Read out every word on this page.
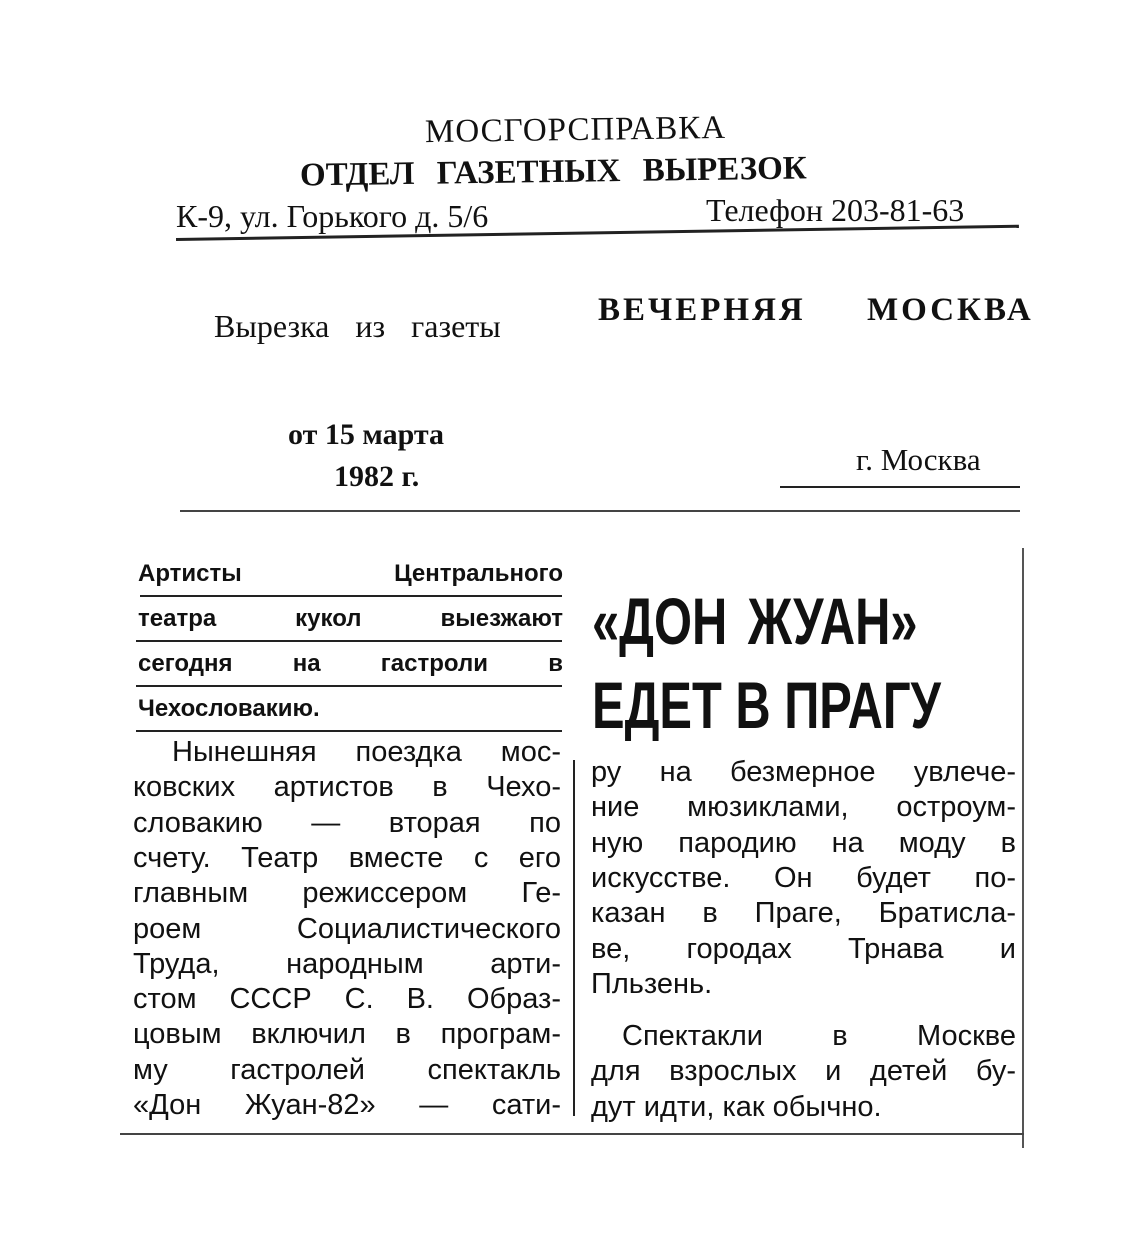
МОСГОРСПРАВКА
ОТДЕЛ ГАЗЕТНЫХ ВЫРЕЗОК
К-9, ул. Горького д. 5/6	Телефон 203-81-63
Вырезка из газеты	ВЕЧЕРНЯЯ МОСКВА
от 15 марта
1982 г.	г. Москва
Артисты Центрального
театра кукол выезжают
сегодня на гастроли в
Чехословакию.
«ДОН ЖУАН»
ЕДЕТ В ПРАГУ
Нынешняя поездка мос-
ковских артистов в Чехо-
словакию — вторая по
счету. Театр вместе с его
главным режиссером Ге-
роем Социалистического
Труда, народным арти-
стом СССР С. В. Образ-
цовым включил в програм-
му гастролей спектакль
«Дон Жуан-82» — сати-
ру на безмерное увлече-
ние мюзиклами, остроум-
ную пародию на моду в
искусстве. Он будет по-
казан в Праге, Братисла-
ве, городах Трнава и
Пльзень.
Спектакли в Москве
для взрослых и детей бу-
дут идти, как обычно.
